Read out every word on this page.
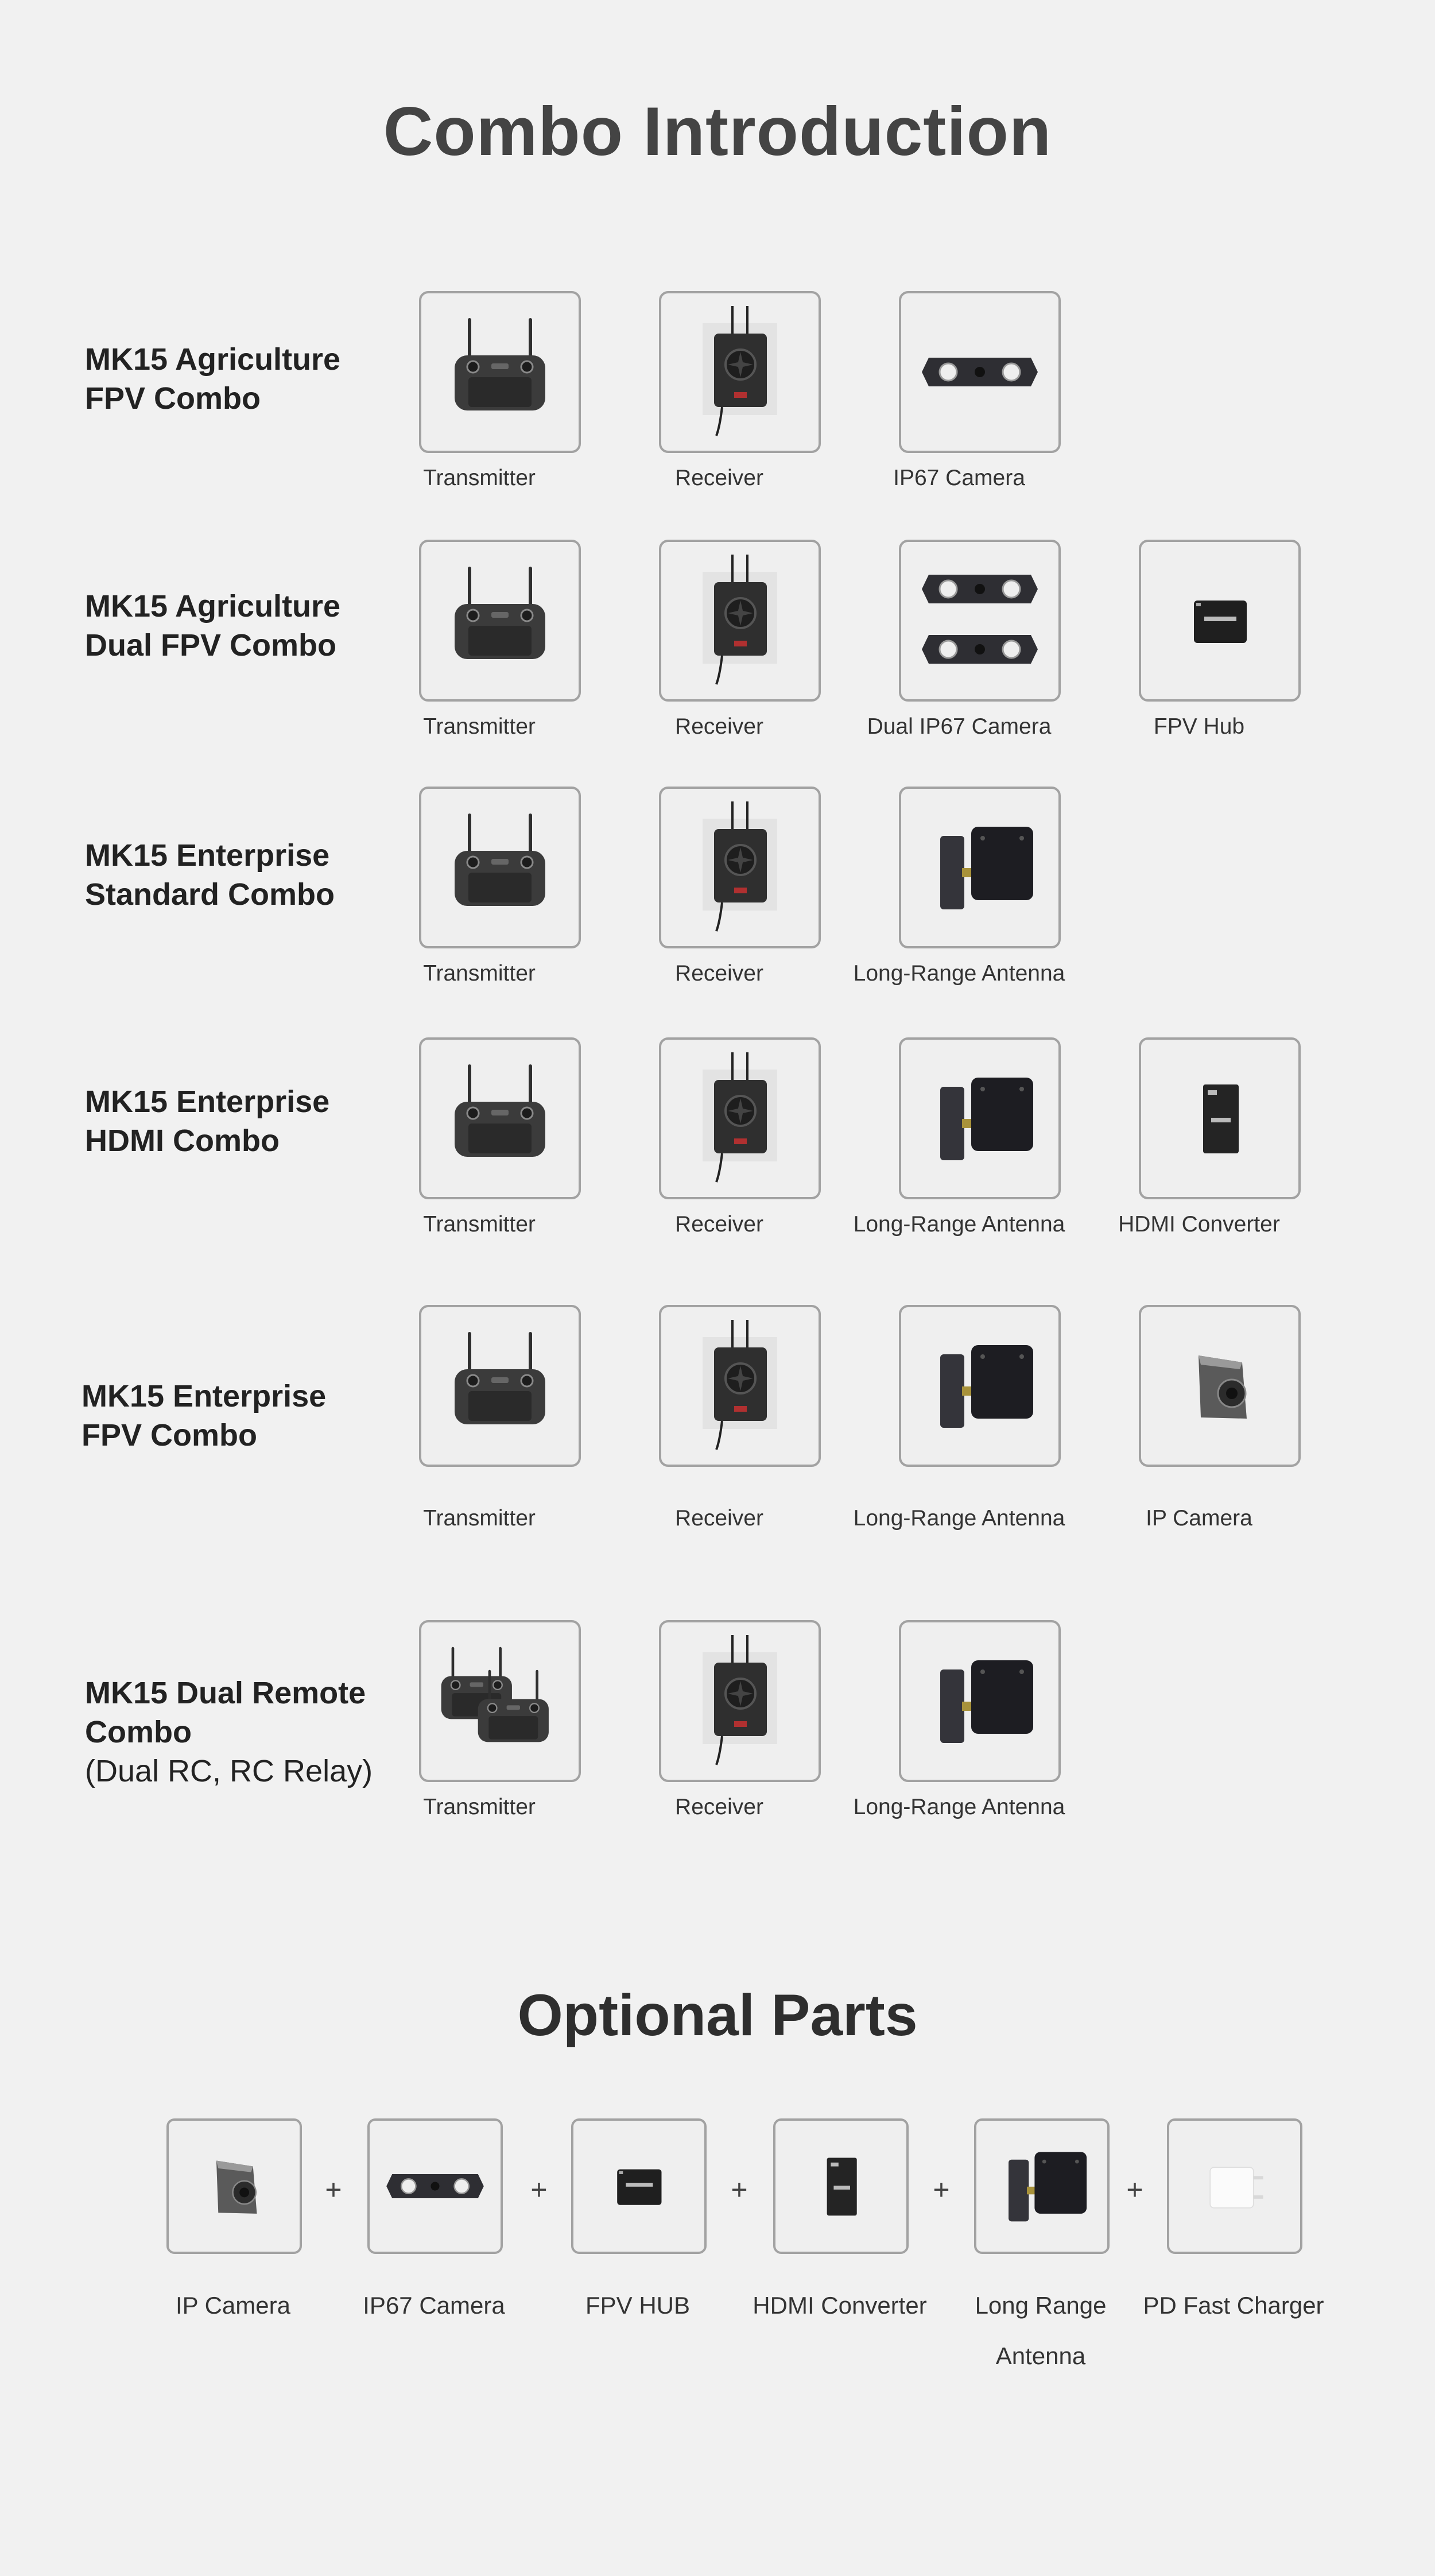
Combo Introduction
MK15 Agriculture
FPV Combo
Transmitter	Receiver	IP67 Camera
MK15 Agriculture
Dual FPV Combo
Transmitter	Receiver	Dual IP67 Camera	FPV Hub
MK15 Enterprise
Standard Combo
Transmitter	Receiver	Long-Range Antenna
MK15 Enterprise
HDMI Combo
Transmitter	Receiver	Long-Range Antenna	HDMI Converter
MK15 Enterprise
FPV Combo
Transmitter	Receiver	Long-Range Antenna	IP Camera
MK15 Dual Remote
Combo
(Dual RC, RC Relay)
Transmitter	Receiver	Long-Range Antenna
Optional Parts
IP Camera
+
IP67 Camera
+
FPV HUB
+
HDMI Converter
+
Long Range Antenna
+
PD Fast Charger
